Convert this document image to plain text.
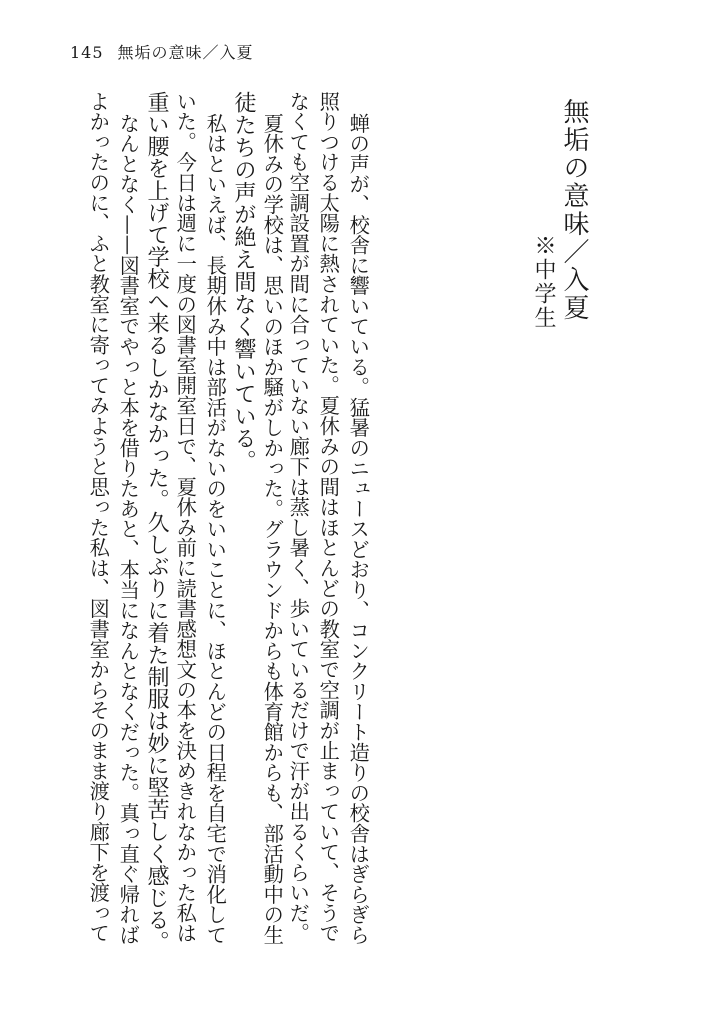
145 無垢の意味／入夏
無垢の意味／入夏
※中学生
蝉の声が、校舎に響いている。猛暑のニュースどおり、コンクリート造りの校舎はぎらぎら
照りつける太陽に熱されていた。夏休みの間はほとんどの教室で空調が止まっていて、そうで
なくても空調設置が間に合っていない廊下は蒸し暑く、歩いているだけで汗が出るくらいだ。
夏休みの学校は、思いのほか騒がしかった。グラウンドからも体育館からも、部活動中の生
徒たちの声が絶え間なく響いている。
私はといえば、長期休み中は部活がないのをいいことに、ほとんどの日程を自宅で消化して
いた。今日は週に一度の図書室開室日で、夏休み前に読書感想文の本を決めきれなかった私は
重い腰を上げて学校へ来るしかなかった。久しぶりに着た制服は妙に堅苦しく感じる。
なんとなく——図書室でやっと本を借りたあと、本当になんとなくだった。真っ直ぐ帰れば
よかったのに、ふと教室に寄ってみようと思った私は、図書室からそのまま渡り廊下を渡って
